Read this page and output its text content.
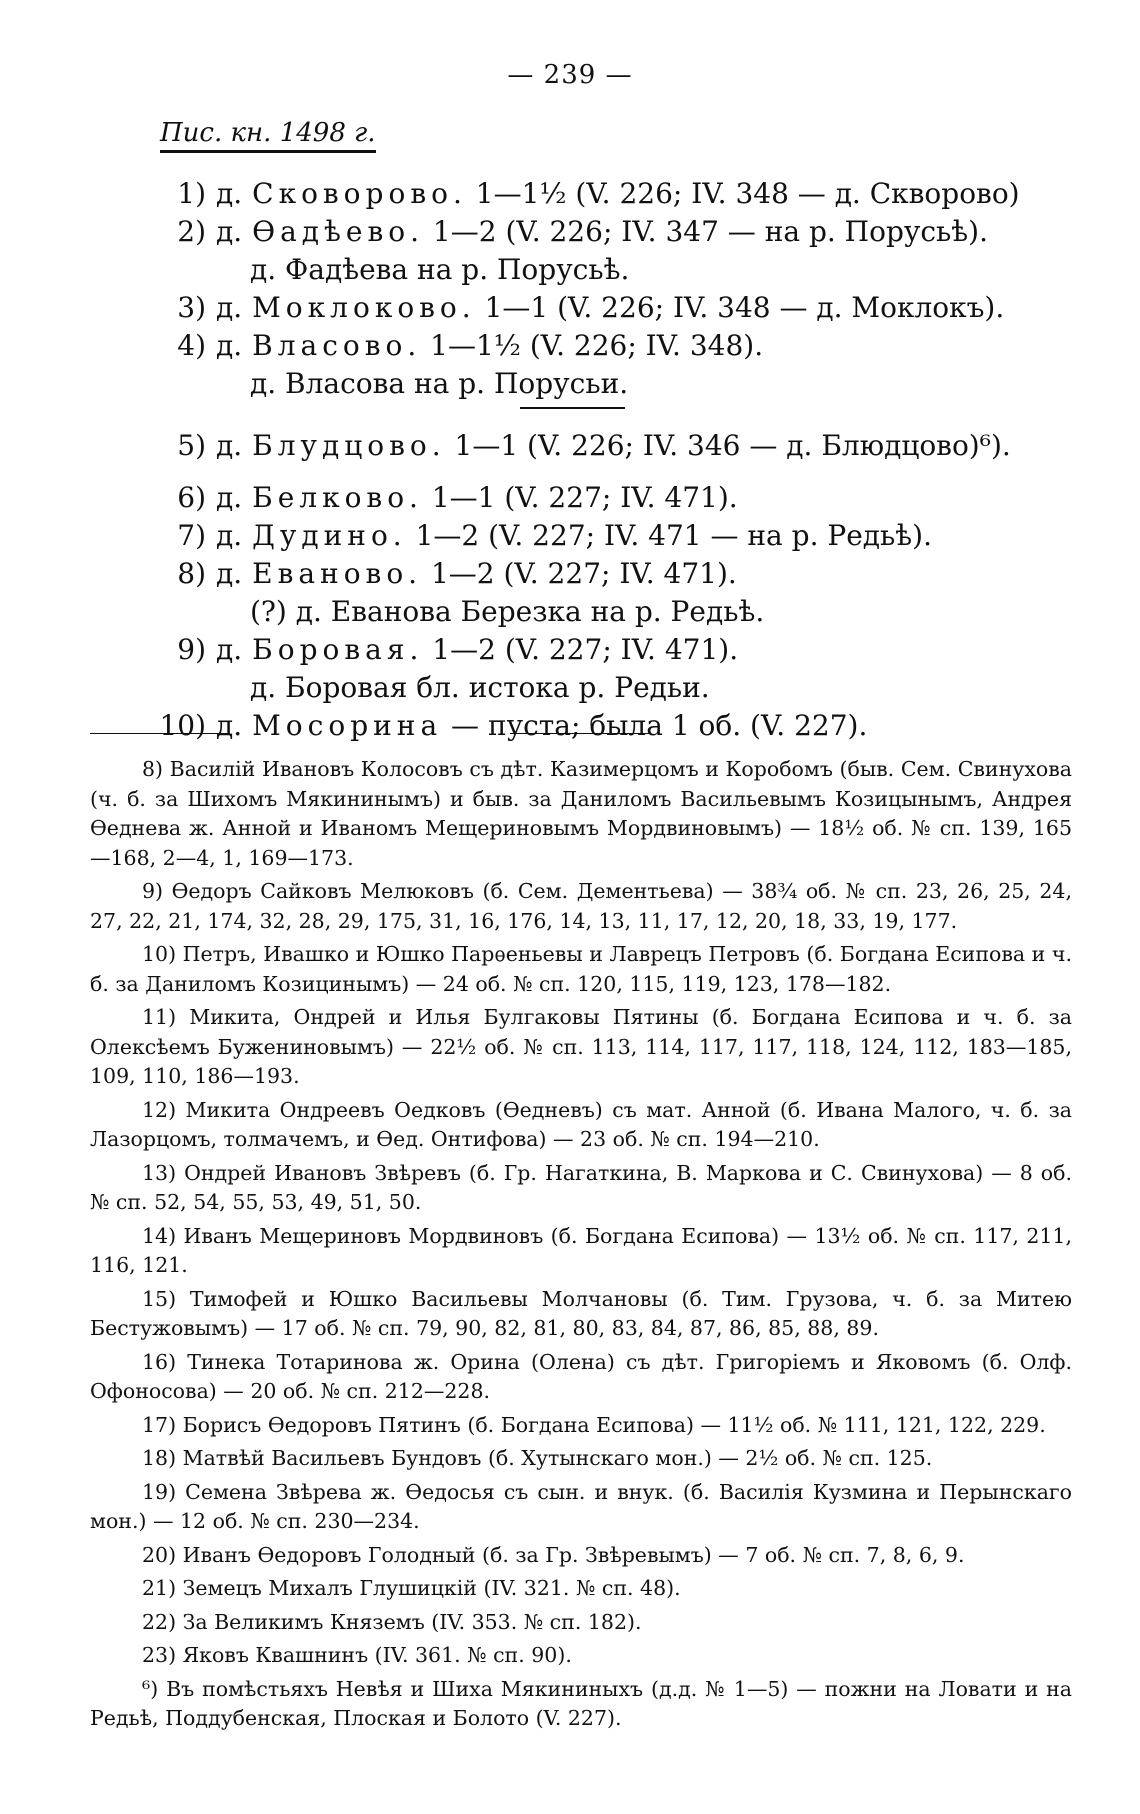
— 239 —
Пис. кн. 1498 г.
1) д. Сковорово. 1—1½ (V. 226; IV. 348 — д. Скворово)
2) д. Ѳадѣево. 1—2 (V. 226; IV. 347 — на р. Порусьѣ).
д. Фадѣева на р. Порусьѣ.
3) д. Моклоково. 1—1 (V. 226; IV. 348 — д. Моклокъ).
4) д. Власово. 1—1½ (V. 226; IV. 348).
д. Власова на р. Порусьи.
5) д. Блудцово. 1—1 (V. 226; IV. 346 — д. Блюдцово)⁶).
6) д. Белково. 1—1 (V. 227; IV. 471).
7) д. Дудино. 1—2 (V. 227; IV. 471 — на р. Редьѣ).
8) д. Еваново. 1—2 (V. 227; IV. 471).
(?) д. Еванова Березка на р. Редьѣ.
9) д. Боровая. 1—2 (V. 227; IV. 471).
д. Боровая бл. истока р. Редьи.
10) д. Мосорина — пуста; была 1 об. (V. 227).

8) Василій Ивановъ Колосовъ съ дѣт. Казимерцомъ и Коробомъ (быв. Сем. Свинухова (ч. б. за Шихомъ Мякининымъ) и быв. за Даниломъ Васильевымъ Козицынымъ, Андрея Ѳеднева ж. Анной и Иваномъ Мещериновымъ Мордвиновымъ) — 18½ об. № сп. 139, 165—168, 2—4, 1, 169—173.

9) Ѳедоръ Сайковъ Мелюковъ (б. Сем. Дементьева) — 38¾ об. № сп. 23, 26, 25, 24, 27, 22, 21, 174, 32, 28, 29, 175, 31, 16, 176, 14, 13, 11, 17, 12, 20, 18, 33, 19, 177.

10) Петръ, Ивашко и Юшко Парѳеньевы и Лаврецъ Петровъ (б. Богдана Есипова и ч. б. за Даниломъ Козицинымъ) — 24 об. № сп. 120, 115, 119, 123, 178—182.

11) Микита, Ондрей и Илья Булгаковы Пятины (б. Богдана Есипова и ч. б. за Олексѣемъ Бужениновымъ) — 22½ об. № сп. 113, 114, 117, 117, 118, 124, 112, 183—185, 109, 110, 186—193.

12) Микита Ондреевъ Оедковъ (Ѳедневъ) съ мат. Анной (б. Ивана Малого, ч. б. за Лазорцомъ, толмачемъ, и Ѳед. Онтифова) — 23 об. № сп. 194—210.

13) Ондрей Ивановъ Звѣревъ (б. Гр. Нагаткина, В. Маркова и С. Свинухова) — 8 об. № сп. 52, 54, 55, 53, 49, 51, 50.

14) Иванъ Мещериновъ Мордвиновъ (б. Богдана Есипова) — 13½ об. № сп. 117, 211, 116, 121.

15) Тимофей и Юшко Васильевы Молчановы (б. Тим. Грузова, ч. б. за Митею Бестужовымъ) — 17 об. № сп. 79, 90, 82, 81, 80, 83, 84, 87, 86, 85, 88, 89.

16) Тинека Тотаринова ж. Орина (Олена) съ дѣт. Григоріемъ и Яковомъ (б. Олф. Офоносова) — 20 об. № сп. 212—228.

17) Борисъ Ѳедоровъ Пятинъ (б. Богдана Есипова) — 11½ об. № 111, 121, 122, 229.

18) Матвѣй Васильевъ Бундовъ (б. Хутынскаго мон.) — 2½ об. № сп. 125.

19) Семена Звѣрева ж. Ѳедосья съ сын. и внук. (б. Василія Кузмина и Перынскаго мон.) — 12 об. № сп. 230—234.

20) Иванъ Ѳедоровъ Голодный (б. за Гр. Звѣревымъ) — 7 об. № сп. 7, 8, 6, 9.

21) Земецъ Михалъ Глушицкій (IV. 321. № сп. 48).

22) За Великимъ Княземъ (IV. 353. № сп. 182).

23) Яковъ Квашнинъ (IV. 361. № сп. 90).

⁶) Въ помѣстьяхъ Невѣя и Шиха Мякининыхъ (д.д. № 1—5) — пожни на Ловати и на Редьѣ, Поддубенская, Плоская и Болото (V. 227).
